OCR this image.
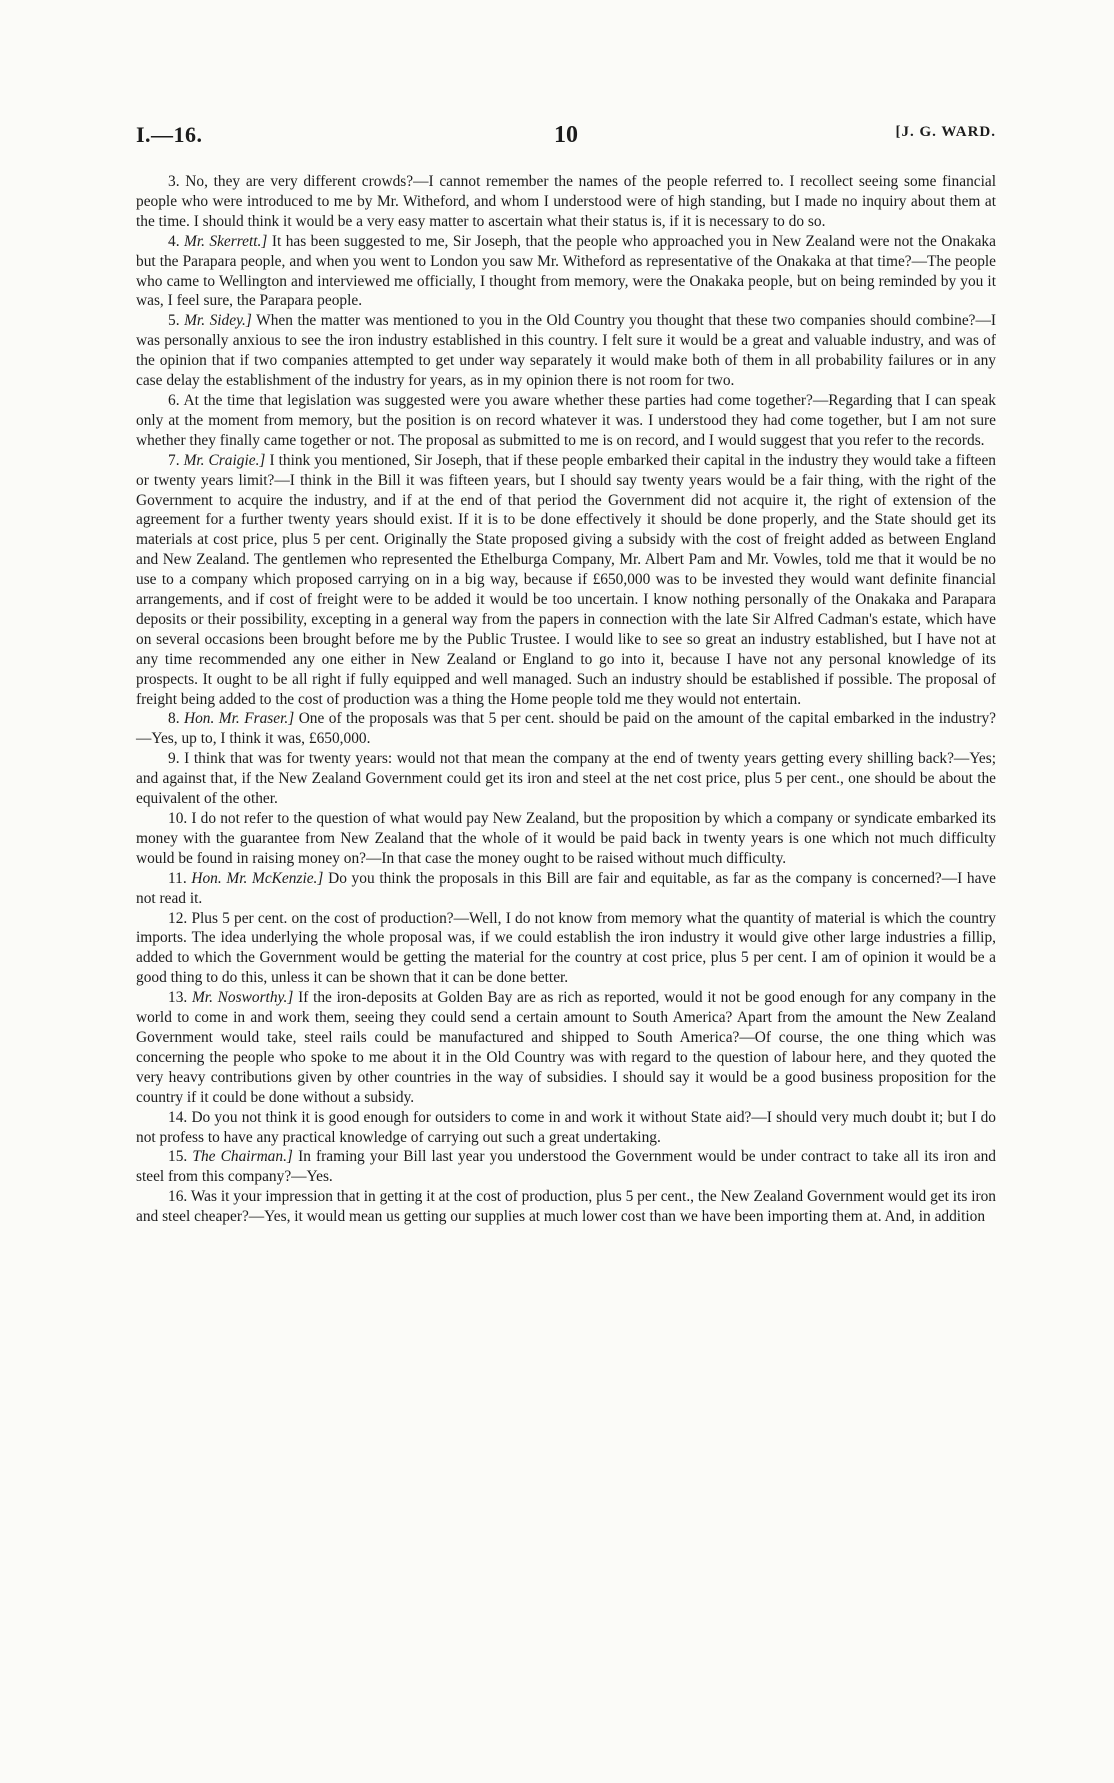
I.—16.	10	[J. G. WARD.

3. No, they are very different crowds?—I cannot remember the names of the people referred to. I recollect seeing some financial people who were introduced to me by Mr. Witheford, and whom I understood were of high standing, but I made no inquiry about them at the time. I should think it would be a very easy matter to ascertain what their status is, if it is necessary to do so.

4. Mr. Skerrett.] It has been suggested to me, Sir Joseph, that the people who approached you in New Zealand were not the Onakaka but the Parapara people, and when you went to London you saw Mr. Witheford as representative of the Onakaka at that time?—The people who came to Wellington and interviewed me officially, I thought from memory, were the Onakaka people, but on being reminded by you it was, I feel sure, the Parapara people.

5. Mr. Sidey.] When the matter was mentioned to you in the Old Country you thought that these two companies should combine?—I was personally anxious to see the iron industry established in this country. I felt sure it would be a great and valuable industry, and was of the opinion that if two companies attempted to get under way separately it would make both of them in all probability failures or in any case delay the establishment of the industry for years, as in my opinion there is not room for two.

6. At the time that legislation was suggested were you aware whether these parties had come together?—Regarding that I can speak only at the moment from memory, but the position is on record whatever it was. I understood they had come together, but I am not sure whether they finally came together or not. The proposal as submitted to me is on record, and I would suggest that you refer to the records.

7. Mr. Craigie.] I think you mentioned, Sir Joseph, that if these people embarked their capital in the industry they would take a fifteen or twenty years limit?—I think in the Bill it was fifteen years, but I should say twenty years would be a fair thing, with the right of the Government to acquire the industry, and if at the end of that period the Government did not acquire it, the right of extension of the agreement for a further twenty years should exist. If it is to be done effectively it should be done properly, and the State should get its materials at cost price, plus 5 per cent. Originally the State proposed giving a subsidy with the cost of freight added as between England and New Zealand. The gentlemen who represented the Ethelburga Company, Mr. Albert Pam and Mr. Vowles, told me that it would be no use to a company which proposed carrying on in a big way, because if £650,000 was to be invested they would want definite financial arrangements, and if cost of freight were to be added it would be too uncertain. I know nothing personally of the Onakaka and Parapara deposits or their possibility, excepting in a general way from the papers in connection with the late Sir Alfred Cadman's estate, which have on several occasions been brought before me by the Public Trustee. I would like to see so great an industry established, but I have not at any time recommended any one either in New Zealand or England to go into it, because I have not any personal knowledge of its prospects. It ought to be all right if fully equipped and well managed. Such an industry should be established if possible. The proposal of freight being added to the cost of production was a thing the Home people told me they would not entertain.

8. Hon. Mr. Fraser.] One of the proposals was that 5 per cent. should be paid on the amount of the capital embarked in the industry?—Yes, up to, I think it was, £650,000.

9. I think that was for twenty years: would not that mean the company at the end of twenty years getting every shilling back?—Yes; and against that, if the New Zealand Government could get its iron and steel at the net cost price, plus 5 per cent., one should be about the equivalent of the other.

10. I do not refer to the question of what would pay New Zealand, but the proposition by which a company or syndicate embarked its money with the guarantee from New Zealand that the whole of it would be paid back in twenty years is one which not much difficulty would be found in raising money on?—In that case the money ought to be raised without much difficulty.

11. Hon. Mr. McKenzie.] Do you think the proposals in this Bill are fair and equitable, as far as the company is concerned?—I have not read it.

12. Plus 5 per cent. on the cost of production?—Well, I do not know from memory what the quantity of material is which the country imports. The idea underlying the whole proposal was, if we could establish the iron industry it would give other large industries a fillip, added to which the Government would be getting the material for the country at cost price, plus 5 per cent. I am of opinion it would be a good thing to do this, unless it can be shown that it can be done better.

13. Mr. Nosworthy.] If the iron-deposits at Golden Bay are as rich as reported, would it not be good enough for any company in the world to come in and work them, seeing they could send a certain amount to South America? Apart from the amount the New Zealand Government would take, steel rails could be manufactured and shipped to South America?—Of course, the one thing which was concerning the people who spoke to me about it in the Old Country was with regard to the question of labour here, and they quoted the very heavy contributions given by other countries in the way of subsidies. I should say it would be a good business proposition for the country if it could be done without a subsidy.

14. Do you not think it is good enough for outsiders to come in and work it without State aid?—I should very much doubt it; but I do not profess to have any practical knowledge of carrying out such a great undertaking.

15. The Chairman.] In framing your Bill last year you understood the Government would be under contract to take all its iron and steel from this company?—Yes.

16. Was it your impression that in getting it at the cost of production, plus 5 per cent., the New Zealand Government would get its iron and steel cheaper?—Yes, it would mean us getting our supplies at much lower cost than we have been importing them at. And, in addition
